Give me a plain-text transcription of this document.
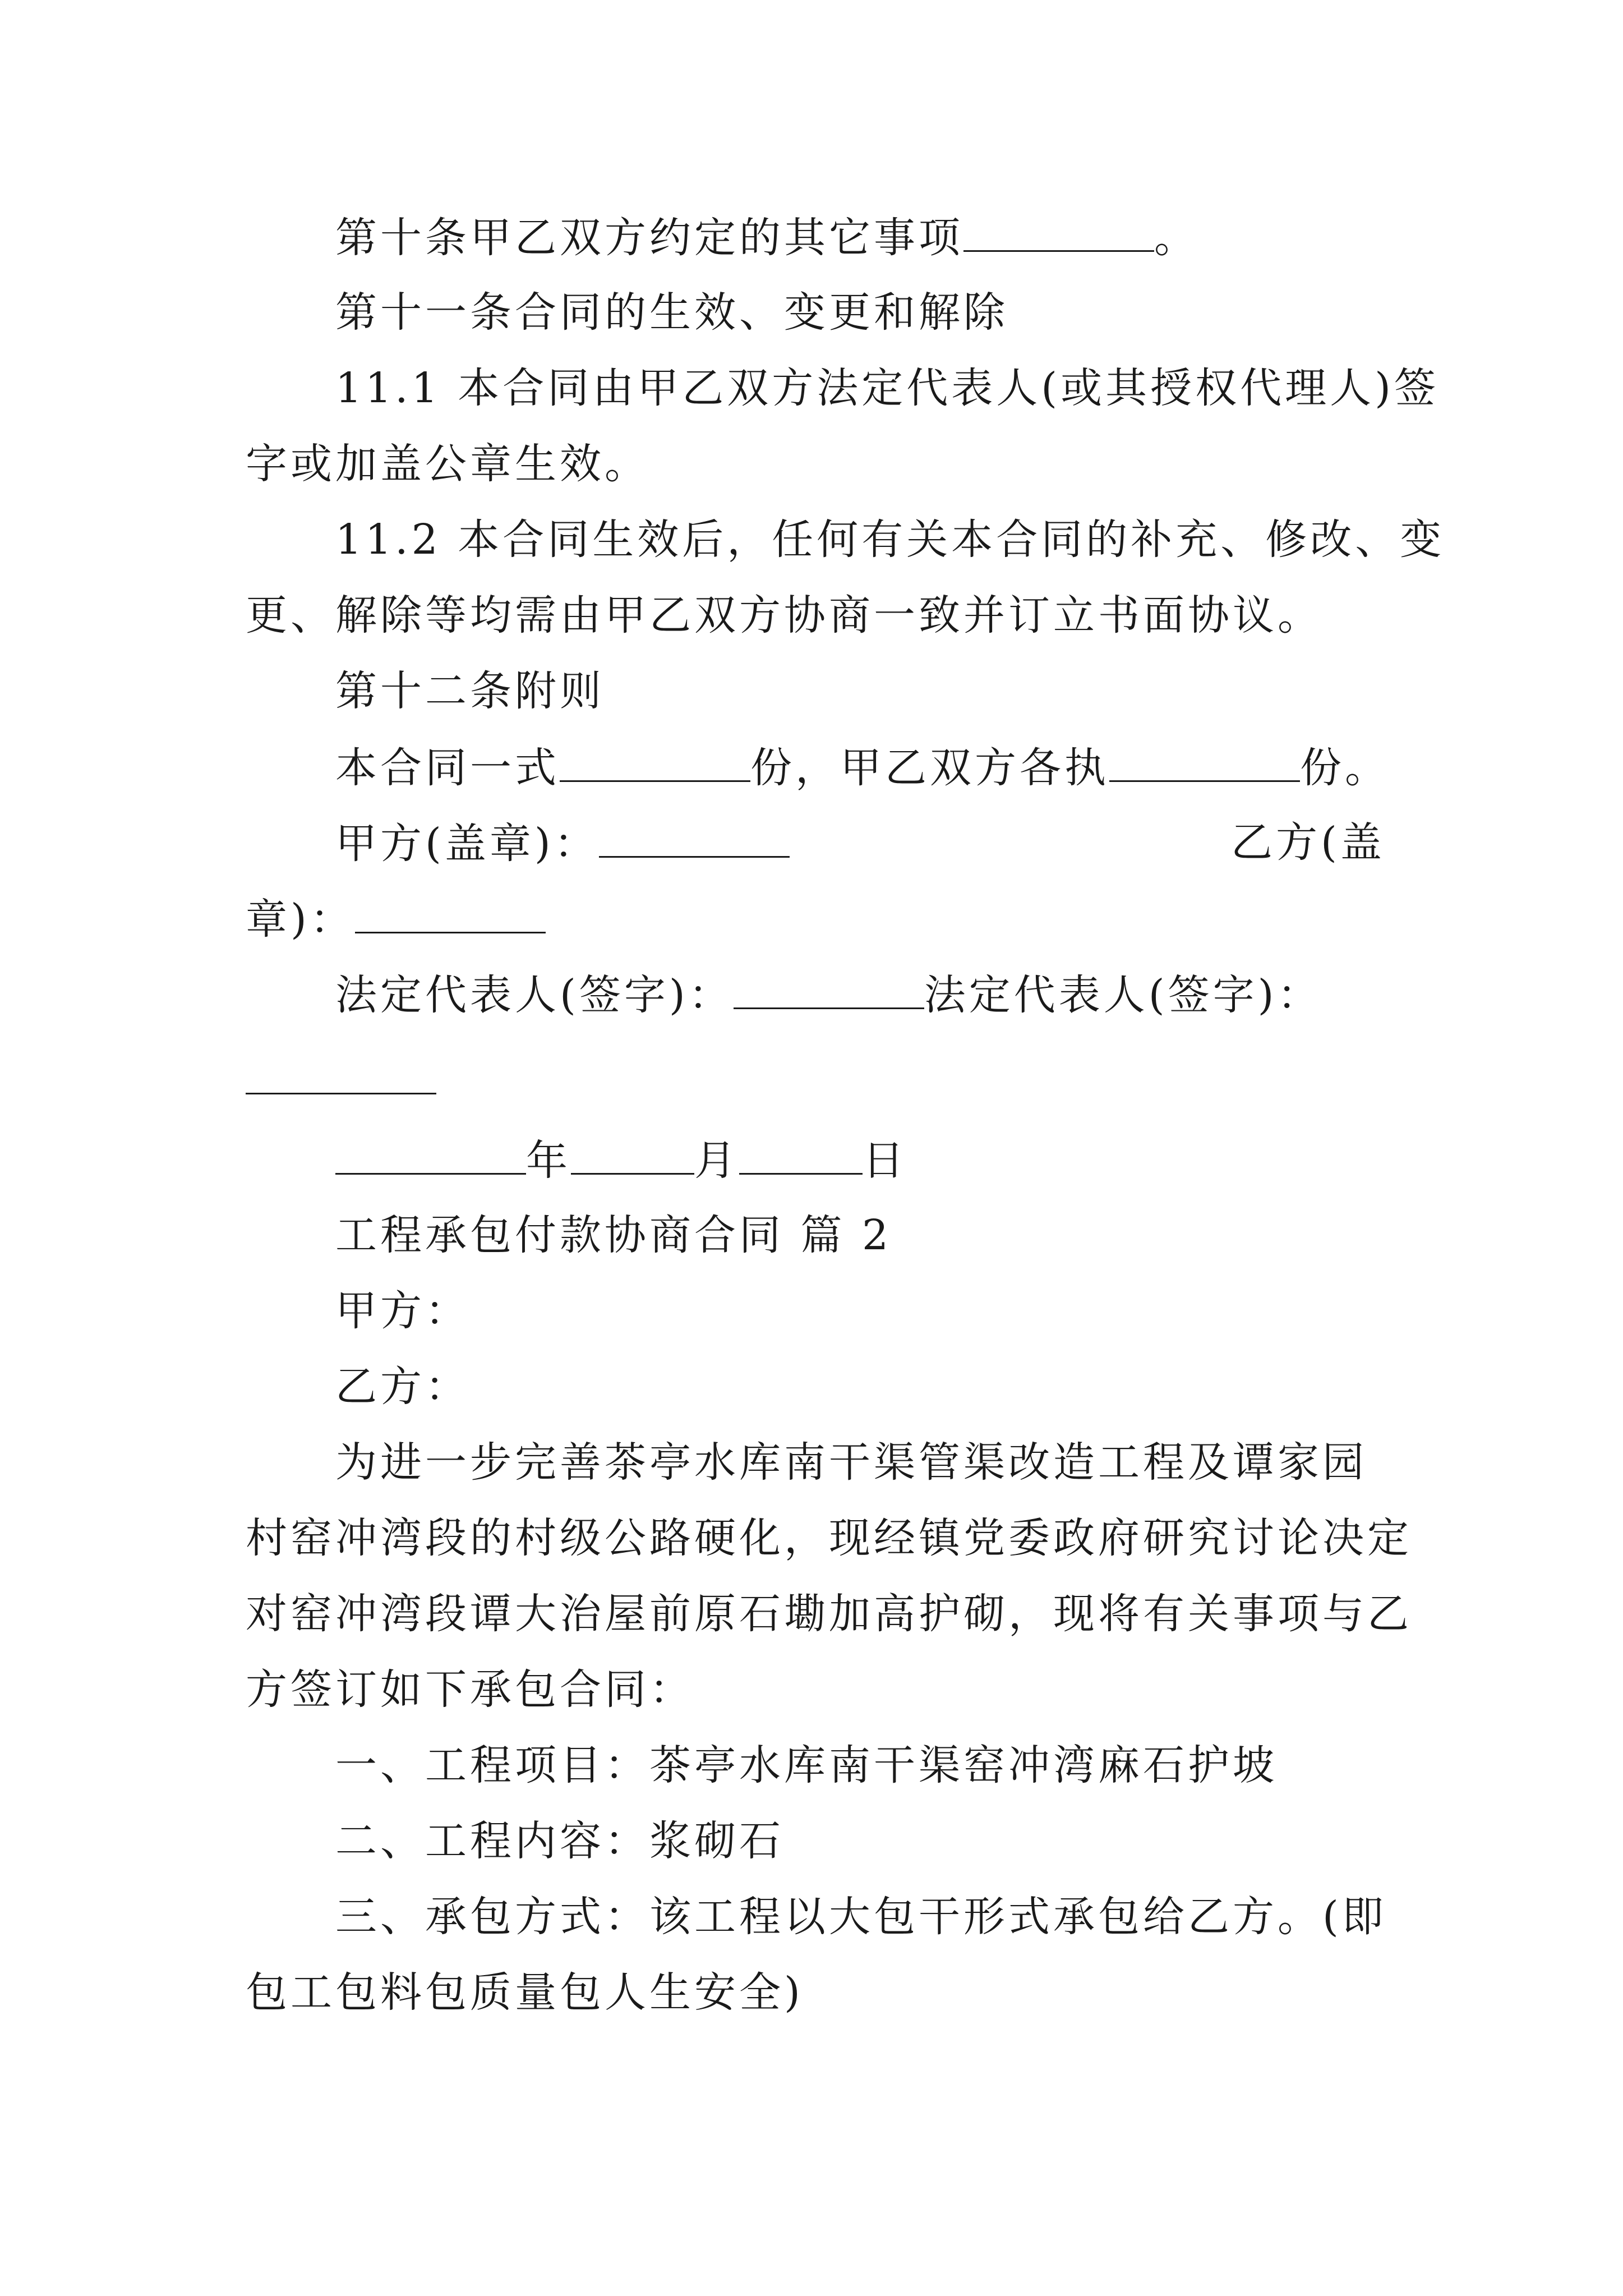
第十条甲乙双方约定的其它事项	。
第十一条合同的生效、变更和解除
11.1 本合同由甲乙双方法定代表人(或其授权代理人)签
字或加盖公章生效。
11.2 本合同生效后，任何有关本合同的补充、修改、变
更、解除等均需由甲乙双方协商一致并订立书面协议。
第十二条附则
本合同一式	份，甲乙双方各执	份。
甲方(盖章)：	乙方(盖
章)：
法定代表人(签字)：	法定代表人(签字)：
年	月	日
工程承包付款协商合同 篇 2
甲方：
乙方：
为进一步完善茶亭水库南干渠管渠改造工程及谭家园
村窑冲湾段的村级公路硬化，现经镇党委政府研究讨论决定
对窑冲湾段谭大治屋前原石墈加高护砌，现将有关事项与乙
方签订如下承包合同：
一、工程项目：茶亭水库南干渠窑冲湾麻石护坡
二、工程内容：浆砌石
三、承包方式：该工程以大包干形式承包给乙方。(即
包工包料包质量包人生安全)
